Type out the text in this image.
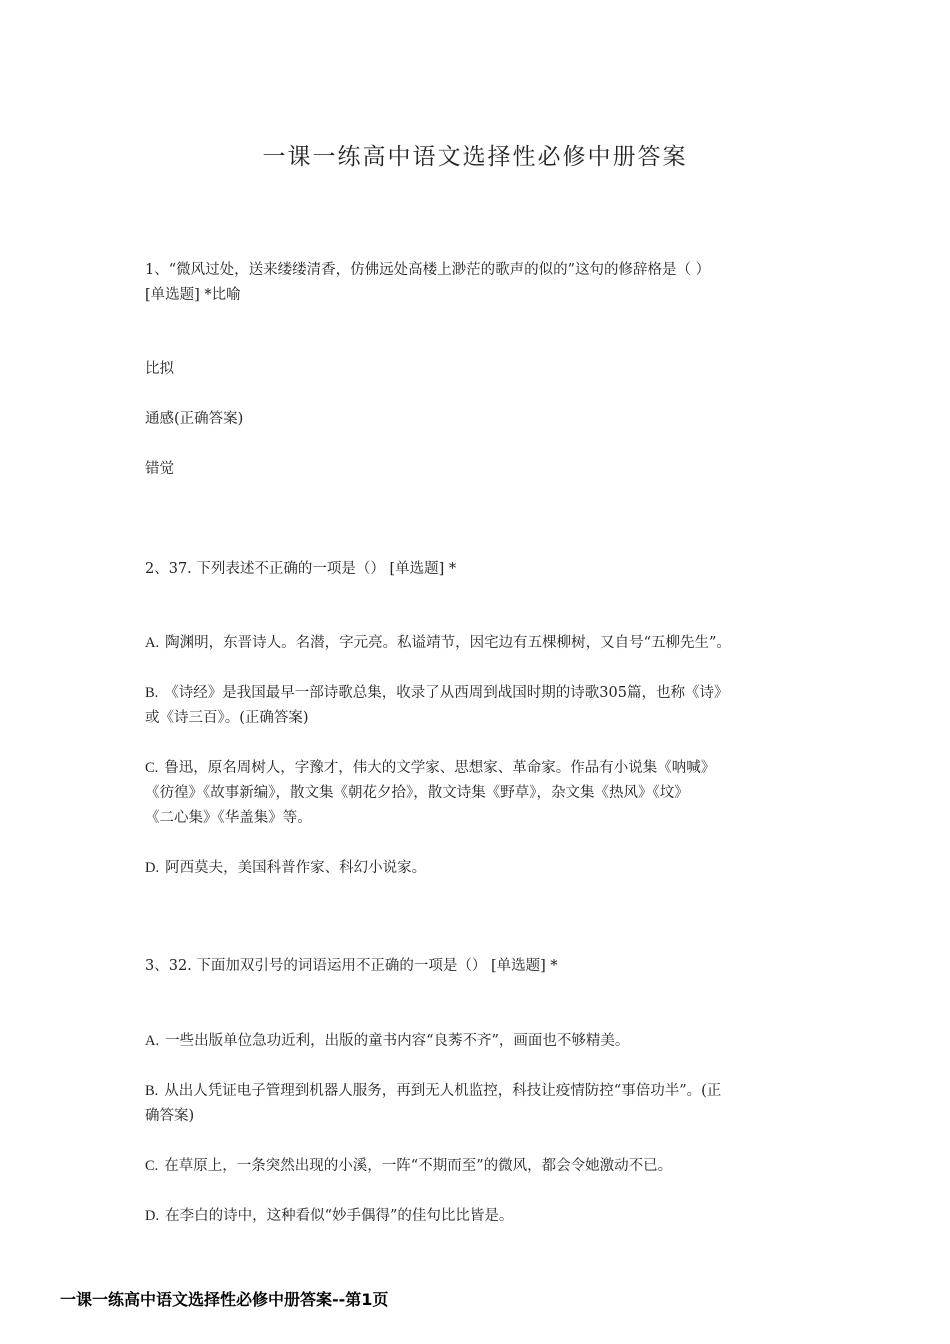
一课一练高中语文选择性必修中册答案

1、“微风过处，送来缕缕清香，仿佛远处高楼上渺茫的歌声的似的”这句的修辞格是（ ）

[单选题] *比喻

比拟

通感(正确答案)

错觉

2、37. 下列表述不正确的一项是（） [单选题] *

A. 陶渊明，东晋诗人。名潜，字元亮。私谥靖节，因宅边有五棵柳树，又自号“五柳先生”。

B. 《诗经》是我国最早一部诗歌总集，收录了从西周到战国时期的诗歌305篇，也称《诗》

或《诗三百》。(正确答案)

C. 鲁迅，原名周树人，字豫才，伟大的文学家、思想家、革命家。作品有小说集《呐喊》

《彷徨》《故事新编》，散文集《朝花夕拾》，散文诗集《野草》，杂文集《热风》《坟》

《二心集》《华盖集》等。

D. 阿西莫夫，美国科普作家、科幻小说家。

3、32. 下面加双引号的词语运用不正确的一项是（） [单选题] *

A. 一些出版单位急功近利，出版的童书内容“良莠不齐”，画面也不够精美。

B. 从出人凭证电子管理到机器人服务，再到无人机监控，科技让疫情防控“事倍功半”。(正

确答案)

C. 在草原上，一条突然出现的小溪，一阵“不期而至”的微风，都会令她激动不已。

D. 在李白的诗中，这种看似“妙手偶得”的佳句比比皆是。

一课一练高中语文选择性必修中册答案--第1页
